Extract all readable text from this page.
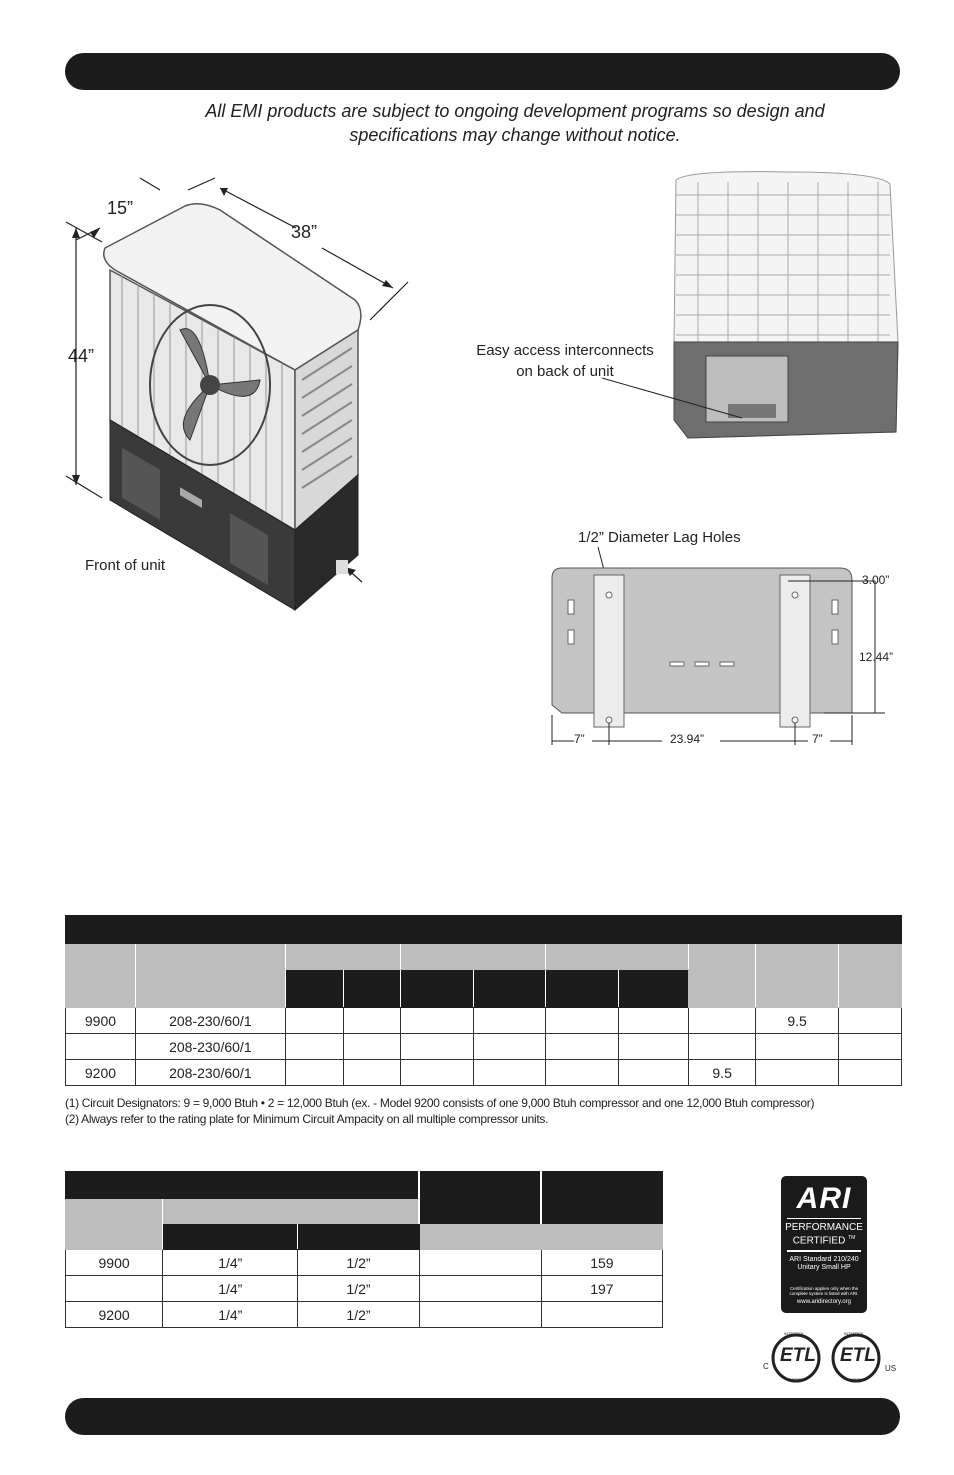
All EMI products are subject to ongoing development programs so design and
specifications may change without notice.
15”
38”
44”
Front of unit
Easy access interconnects
on back of unit
1/2” Diameter Lag Holes
3.00”
12.44”
7”	23.94”	7”

9900	208-230/60/1								9.5	
	208-230/60/1									
9200	208-230/60/1							9.5		
(1) Circuit Designators: 9 = 9,000 Btuh • 2 = 12,000 Btuh (ex. - Model 9200 consists of one 9,000 Btuh compressor and one 12,000 Btuh compressor)
(2) Always refer to the rating plate for Minimum Circuit Ampacity on all multiple compressor units.

9900	1/4”	1/2”		159
	1/4”	1/2”		197
9200	1/4”	1/2”		
ARI
PERFORMANCE
CERTIFIED ™
ARI Standard 210/240
Unitary Small HP
Certification applies only when the
complete system is listed with ARI.
www.aridirectory.org
ETL ETL
C	US
INTERTEK	INTERTEK
LISTED	LISTED
